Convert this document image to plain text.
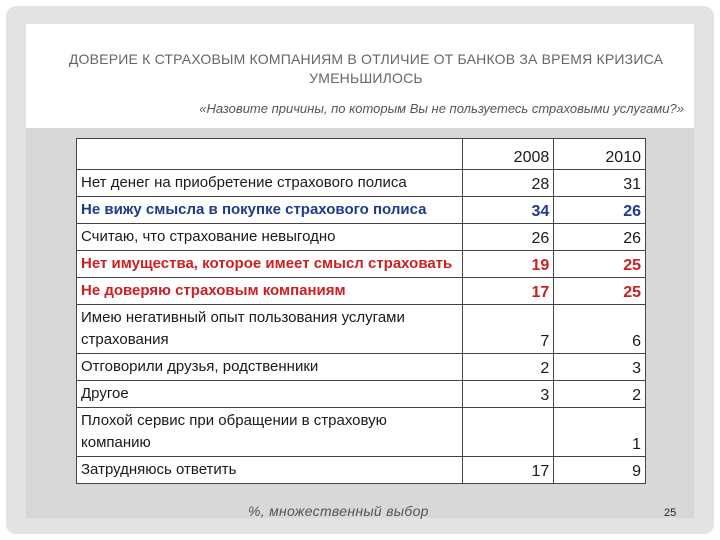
ДОВЕРИЕ К СТРАХОВЫМ КОМПАНИЯМ В ОТЛИЧИЕ ОТ БАНКОВ ЗА ВРЕМЯ КРИЗИСА УМЕНЬШИЛОСЬ
«Назовите причины, по которым Вы не пользуетесь страховыми услугами?»
	2008	2010
Нет денег на приобретение страхового полиса	28	31
Не вижу смысла в покупке страхового полиса	34	26
Считаю, что страхование невыгодно	26	26
Нет имущества, которое имеет смысл страховать	19	25
Не доверяю страховым компаниям	17	25
Имею негативный опыт пользования услугами страхования	7	6
Отговорили друзья, родственники	2	3
Другое	3	2
Плохой сервис при обращении в страховую компанию		1
Затрудняюсь ответить	17	9
%, множественный выбор	25
